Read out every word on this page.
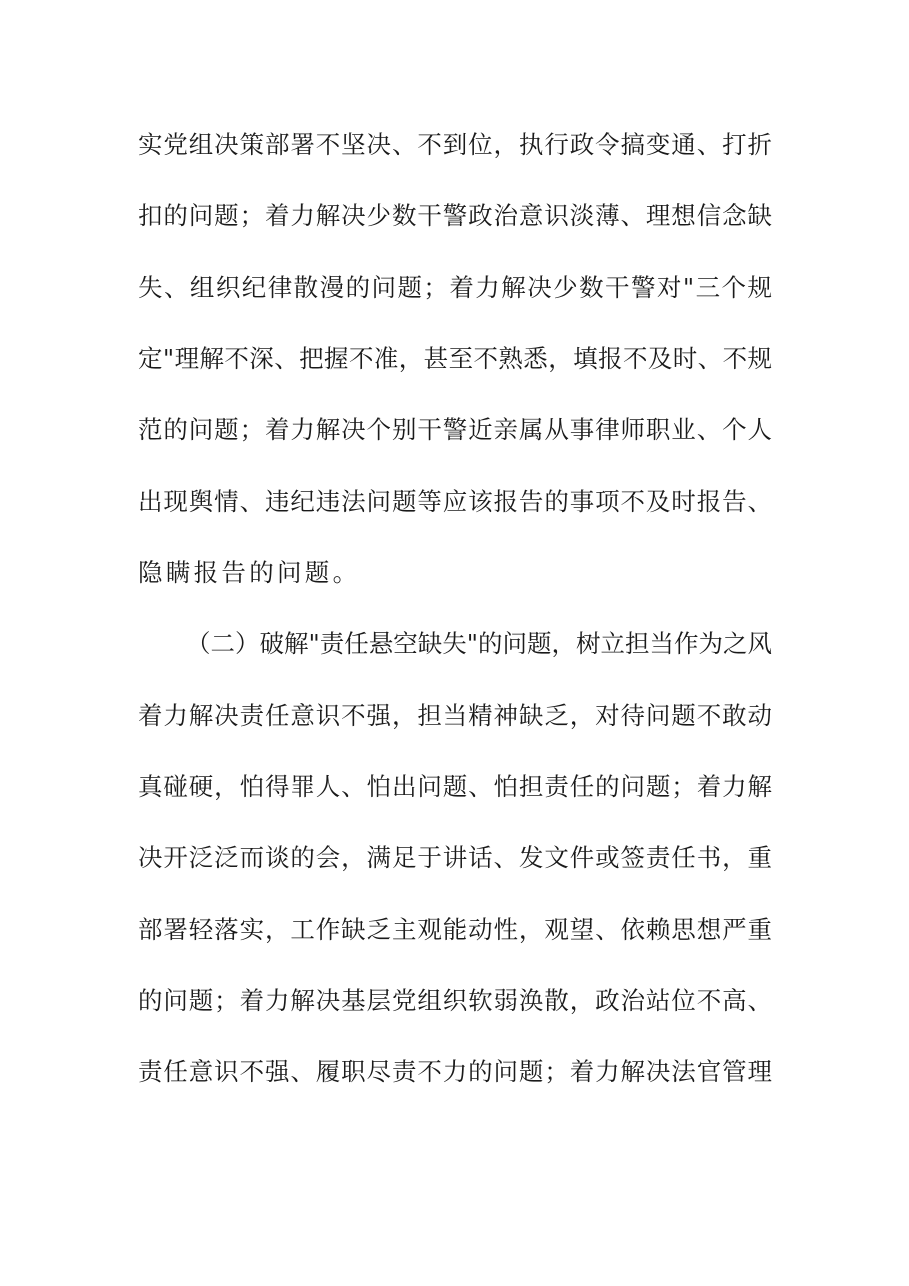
实党组决策部署不坚决、不到位，执行政令搞变通、打折
扣的问题；着力解决少数干警政治意识淡薄、理想信念缺
失、组织纪律散漫的问题；着力解决少数干警对"三个规
定"理解不深、把握不准，甚至不熟悉，填报不及时、不规
范的问题；着力解决个别干警近亲属从事律师职业、个人
出现舆情、违纪违法问题等应该报告的事项不及时报告、
隐瞒报告的问题。
（二）破解"责任悬空缺失"的问题，树立担当作为之风
着力解决责任意识不强，担当精神缺乏，对待问题不敢动
真碰硬，怕得罪人、怕出问题、怕担责任的问题；着力解
决开泛泛而谈的会，满足于讲话、发文件或签责任书，重
部署轻落实，工作缺乏主观能动性，观望、依赖思想严重
的问题；着力解决基层党组织软弱涣散，政治站位不高、
责任意识不强、履职尽责不力的问题；着力解决法官管理
